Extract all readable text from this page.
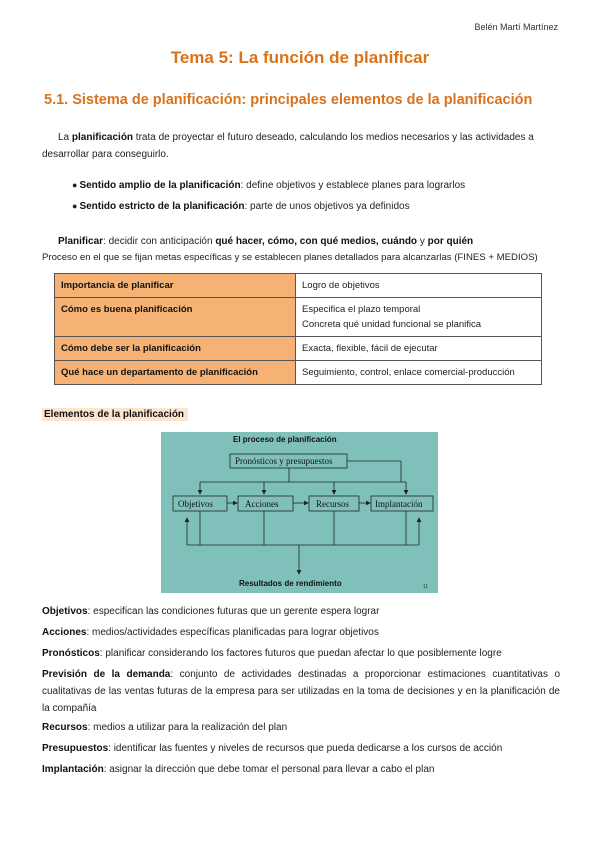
Belén Martí Martínez
Tema 5: La función de planificar
5.1. Sistema de planificación: principales elementos de la planificación
La planificación trata de proyectar el futuro deseado, calculando los medios necesarios y las actividades a desarrollar para conseguirlo.
● Sentido amplio de la planificación: define objetivos y establece planes para lograrlos
● Sentido estricto de la planificación: parte de unos objetivos ya definidos
Planificar: decidir con anticipación qué hacer, cómo, con qué medios, cuándo y por quién
Proceso en el que se fijan metas específicas y se establecen planes detallados para alcanzarlas (FINES + MEDIOS)
Importancia de planificar	Logro de objetivos
Cómo es buena planificación	Especifica el plazo temporal
Concreta qué unidad funcional se planifica

Cómo debe ser la planificación	Exacta, flexible, fácil de ejecutar
Qué hace un departamento de planificación	Seguimiento, control, enlace comercial-producción
Elementos de la planificación
El proceso de planificación
Pronósticos y presupuestos
Objetivos	Acciones	Recursos	Implantación
Resultados de rendimiento	11
Objetivos: especifican las condiciones futuras que un gerente espera lograr
Acciones: medios/actividades específicas planificadas para lograr objetivos
Pronósticos: planificar considerando los factores futuros que puedan afectar lo que posiblemente logre
Previsión de la demanda: conjunto de actividades destinadas a proporcionar estimaciones cuantitativas o cualitativas de las ventas futuras de la empresa para ser utilizadas en la toma de decisiones y en la planificación de la compañía
Recursos: medios a utilizar para la realización del plan
Presupuestos: identificar las fuentes y niveles de recursos que pueda dedicarse a los cursos de acción
Implantación: asignar la dirección que debe tomar el personal para llevar a cabo el plan
